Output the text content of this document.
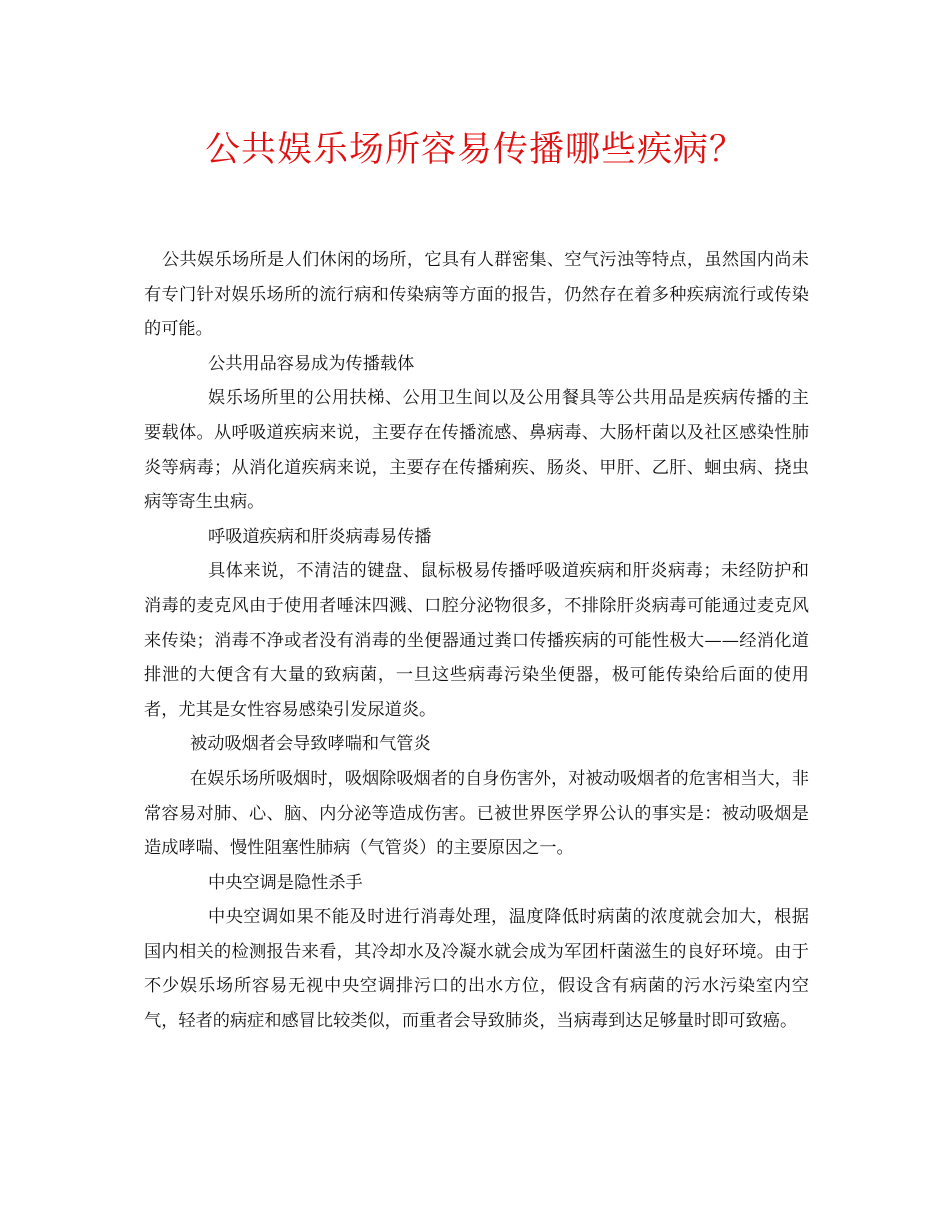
公共娱乐场所容易传播哪些疾病？

公共娱乐场所是人们休闲的场所，它具有人群密集、空气污浊等特点，虽然国内尚未有专门针对娱乐场所的流行病和传染病等方面的报告，仍然存在着多种疾病流行或传染的可能。

公共用品容易成为传播载体

娱乐场所里的公用扶梯、公用卫生间以及公用餐具等公共用品是疾病传播的主要载体。从呼吸道疾病来说，主要存在传播流感、鼻病毒、大肠杆菌以及社区感染性肺炎等病毒；从消化道疾病来说，主要存在传播痢疾、肠炎、甲肝、乙肝、蛔虫病、挠虫病等寄生虫病。

呼吸道疾病和肝炎病毒易传播

具体来说，不清洁的键盘、鼠标极易传播呼吸道疾病和肝炎病毒；未经防护和消毒的麦克风由于使用者唾沫四溅、口腔分泌物很多，不排除肝炎病毒可能通过麦克风来传染；消毒不净或者没有消毒的坐便器通过粪口传播疾病的可能性极大——经消化道排泄的大便含有大量的致病菌，一旦这些病毒污染坐便器，极可能传染给后面的使用者，尤其是女性容易感染引发尿道炎。

被动吸烟者会导致哮喘和气管炎

在娱乐场所吸烟时，吸烟除吸烟者的自身伤害外，对被动吸烟者的危害相当大，非常容易对肺、心、脑、内分泌等造成伤害。已被世界医学界公认的事实是：被动吸烟是造成哮喘、慢性阻塞性肺病（气管炎）的主要原因之一。

中央空调是隐性杀手

中央空调如果不能及时进行消毒处理，温度降低时病菌的浓度就会加大，根据国内相关的检测报告来看，其冷却水及冷凝水就会成为军团杆菌滋生的良好环境。由于不少娱乐场所容易无视中央空调排污口的出水方位，假设含有病菌的污水污染室内空气，轻者的病症和感冒比较类似，而重者会导致肺炎，当病毒到达足够量时即可致癌。
